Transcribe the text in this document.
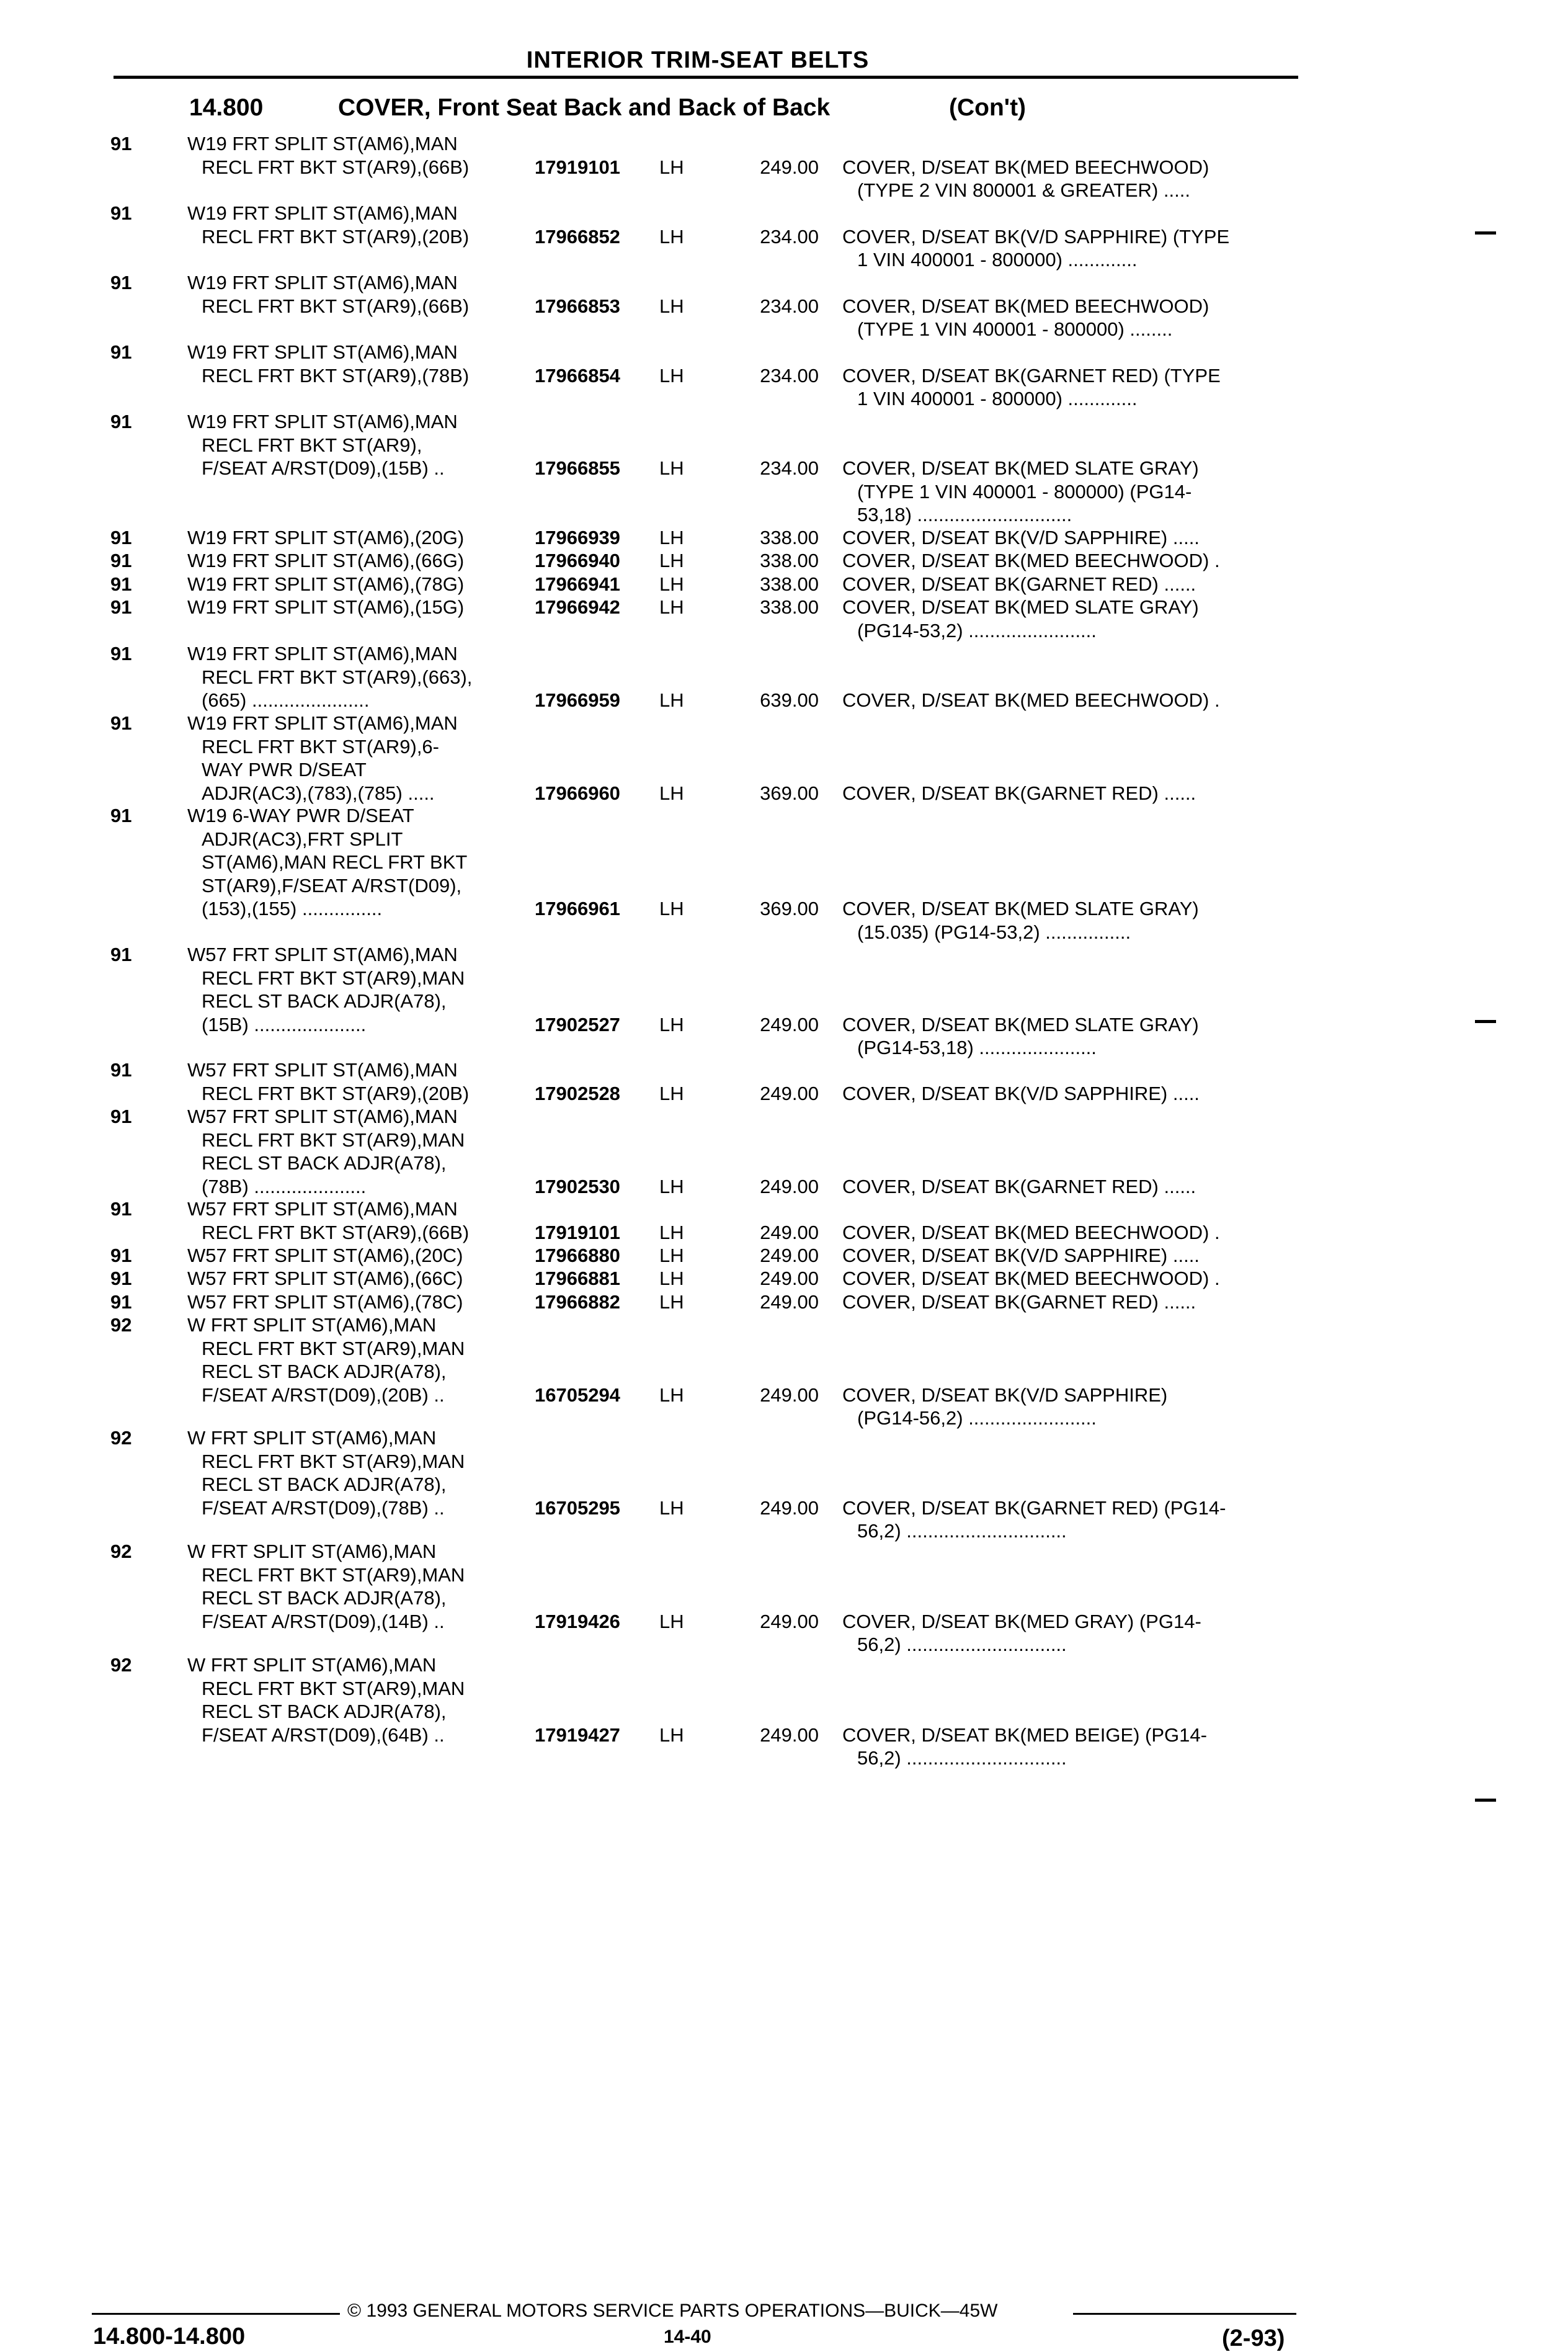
INTERIOR TRIM-SEAT BELTS
14.800	COVER, Front Seat Back and Back of Back	(Con't)
91	W19 FRT SPLIT ST(AM6),MAN
RECL FRT BKT ST(AR9),(66B)	17919101 LH	249.00 COVER, D/SEAT BK(MED BEECHWOOD)
(TYPE 2 VIN 800001 & GREATER) .....
91	W19 FRT SPLIT ST(AM6),MAN
RECL FRT BKT ST(AR9),(20B)	17966852 LH	234.00 COVER, D/SEAT BK(V/D SAPPHIRE) (TYPE
1 VIN 400001 - 800000) .............
91	W19 FRT SPLIT ST(AM6),MAN
RECL FRT BKT ST(AR9),(66B)	17966853 LH	234.00 COVER, D/SEAT BK(MED BEECHWOOD)
(TYPE 1 VIN 400001 - 800000) ........
91	W19 FRT SPLIT ST(AM6),MAN
RECL FRT BKT ST(AR9),(78B)	17966854 LH	234.00 COVER, D/SEAT BK(GARNET RED) (TYPE
1 VIN 400001 - 800000) .............
91	W19 FRT SPLIT ST(AM6),MAN
RECL FRT BKT ST(AR9),
F/SEAT A/RST(D09),(15B) ..	17966855 LH	234.00 COVER, D/SEAT BK(MED SLATE GRAY)
(TYPE 1 VIN 400001 - 800000) (PG14-
53,18) .............................
91	W19 FRT SPLIT ST(AM6),(20G)	17966939 LH	338.00 COVER, D/SEAT BK(V/D SAPPHIRE) .....
91	W19 FRT SPLIT ST(AM6),(66G)	17966940 LH	338.00 COVER, D/SEAT BK(MED BEECHWOOD) .
91	W19 FRT SPLIT ST(AM6),(78G)	17966941 LH	338.00 COVER, D/SEAT BK(GARNET RED) ......
91	W19 FRT SPLIT ST(AM6),(15G)	17966942 LH	338.00 COVER, D/SEAT BK(MED SLATE GRAY)
(PG14-53,2) ........................
91	W19 FRT SPLIT ST(AM6),MAN
RECL FRT BKT ST(AR9),(663),
(665) ......................	17966959 LH	639.00 COVER, D/SEAT BK(MED BEECHWOOD) .
91	W19 FRT SPLIT ST(AM6),MAN
RECL FRT BKT ST(AR9),6-
WAY PWR D/SEAT
ADJR(AC3),(783),(785) .....	17966960 LH	369.00 COVER, D/SEAT BK(GARNET RED) ......
91	W19 6-WAY PWR D/SEAT
ADJR(AC3),FRT SPLIT
ST(AM6),MAN RECL FRT BKT
ST(AR9),F/SEAT A/RST(D09),
(153),(155) ...............	17966961 LH	369.00 COVER, D/SEAT BK(MED SLATE GRAY)
(15.035) (PG14-53,2) ................
91	W57 FRT SPLIT ST(AM6),MAN
RECL FRT BKT ST(AR9),MAN
RECL ST BACK ADJR(A78),
(15B) .....................	17902527 LH	249.00 COVER, D/SEAT BK(MED SLATE GRAY)
(PG14-53,18) ......................
91	W57 FRT SPLIT ST(AM6),MAN
RECL FRT BKT ST(AR9),(20B)	17902528 LH	249.00 COVER, D/SEAT BK(V/D SAPPHIRE) .....
91	W57 FRT SPLIT ST(AM6),MAN
RECL FRT BKT ST(AR9),MAN
RECL ST BACK ADJR(A78),
(78B) .....................	17902530 LH	249.00 COVER, D/SEAT BK(GARNET RED) ......
91	W57 FRT SPLIT ST(AM6),MAN
RECL FRT BKT ST(AR9),(66B)	17919101 LH	249.00 COVER, D/SEAT BK(MED BEECHWOOD) .
91	W57 FRT SPLIT ST(AM6),(20C)	17966880 LH	249.00 COVER, D/SEAT BK(V/D SAPPHIRE) .....
91	W57 FRT SPLIT ST(AM6),(66C)	17966881 LH	249.00 COVER, D/SEAT BK(MED BEECHWOOD) .
91	W57 FRT SPLIT ST(AM6),(78C)	17966882 LH	249.00 COVER, D/SEAT BK(GARNET RED) ......
92	W FRT SPLIT ST(AM6),MAN
RECL FRT BKT ST(AR9),MAN
RECL ST BACK ADJR(A78),
F/SEAT A/RST(D09),(20B) ..	16705294 LH	249.00 COVER, D/SEAT BK(V/D SAPPHIRE)
(PG14-56,2) ........................
92	W FRT SPLIT ST(AM6),MAN
RECL FRT BKT ST(AR9),MAN
RECL ST BACK ADJR(A78),
F/SEAT A/RST(D09),(78B) ..	16705295 LH	249.00 COVER, D/SEAT BK(GARNET RED) (PG14-
56,2) ..............................
92	W FRT SPLIT ST(AM6),MAN
RECL FRT BKT ST(AR9),MAN
RECL ST BACK ADJR(A78),
F/SEAT A/RST(D09),(14B) ..	17919426 LH	249.00 COVER, D/SEAT BK(MED GRAY) (PG14-
56,2) ..............................
92	W FRT SPLIT ST(AM6),MAN
RECL FRT BKT ST(AR9),MAN
RECL ST BACK ADJR(A78),
F/SEAT A/RST(D09),(64B) ..	17919427 LH	249.00 COVER, D/SEAT BK(MED BEIGE) (PG14-
56,2) ..............................
© 1993 GENERAL MOTORS SERVICE PARTS OPERATIONS—BUICK—45W
14.800-14.800	14-40	(2-93)
